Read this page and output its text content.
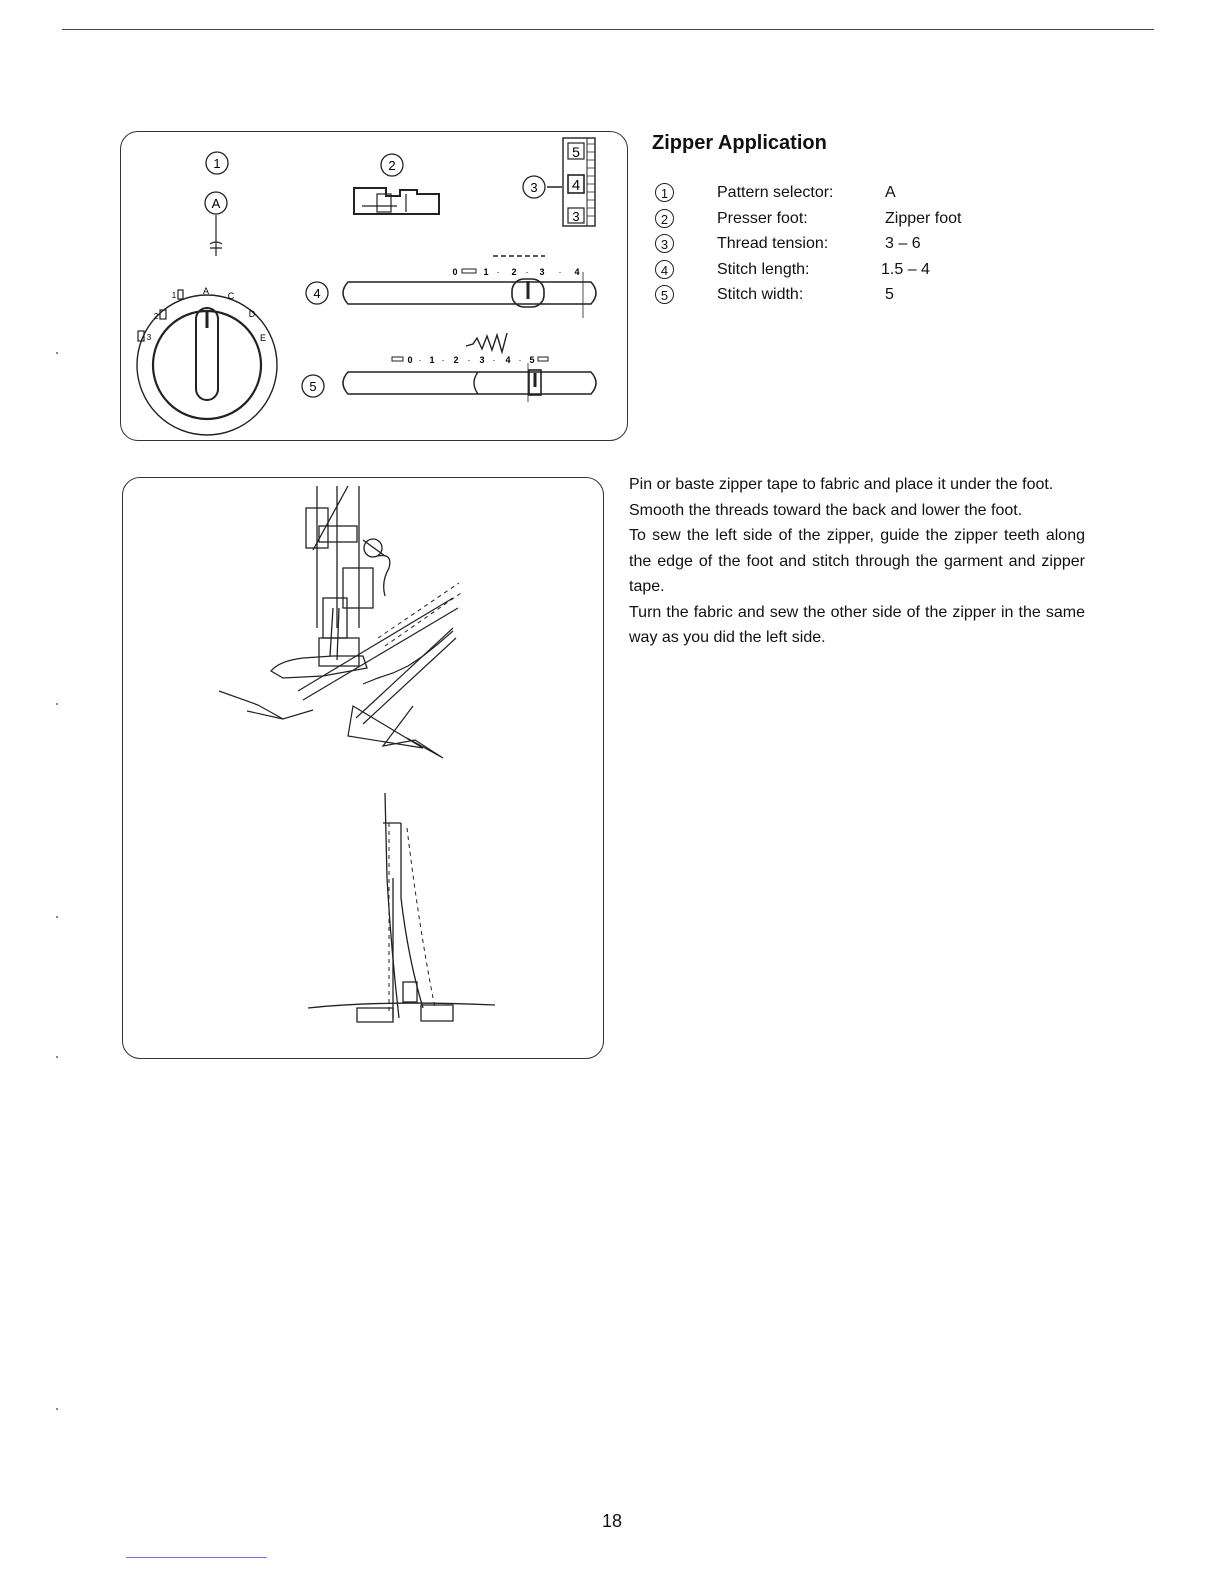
1
A
A C
D
E
1
2
3
2
3
5
4
3
4
0	1 · 2 · 3 · 4
5
0 · 1 · 2 · 3 · 4 · 5
Zipper Application
1	Pattern selector:	A
2	Presser foot:	Zipper foot
3	Thread tension:	3 – 6
4	Stitch length:	1.5 – 4
5	Stitch width:	5

Pin or baste zipper tape to fabric and place it under the foot.

Smooth the threads toward the back and lower the foot.

To sew the left side of the zipper, guide the zipper teeth along the edge of the foot and stitch through the garment and zipper tape.

Turn the fabric and sew the other side of the zipper in the same way as you did the left side.

18
